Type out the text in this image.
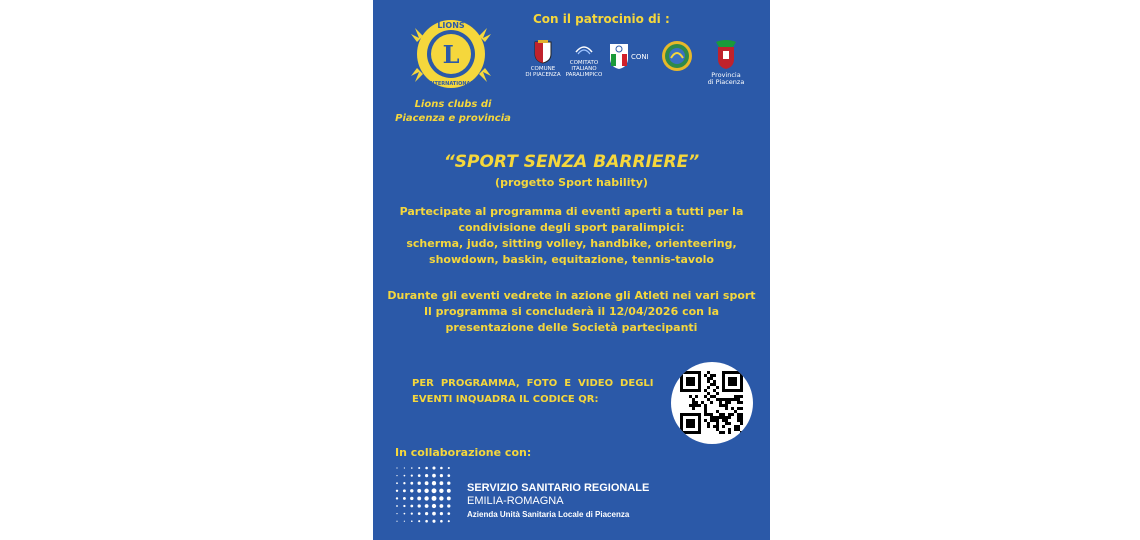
L
LIONS
INTERNATIONAL
Lions clubs di
Piacenza e provincia
Con il patrocinio di :
COMUNE
DI PIACENZA
COMITATO
ITALIANO
PARALIMPICO
CONI
Provincia
di Piacenza
“SPORT SENZA BARRIERE”
(progetto Sport hability)
Partecipate al programma di eventi aperti a tutti per la
condivisione degli sport paralimpici:
scherma, judo, sitting volley, handbike, orienteering,
showdown, baskin, equitazione, tennis-tavolo
Durante gli eventi vedrete in azione gli Atleti nei vari sport
Il programma si concluderà il 12/04/2026 con la
presentazione delle Società partecipanti
PER  PROGRAMMA,  FOTO  E  VIDEO  DEGLI
EVENTI INQUADRA IL CODICE QR:
In collaborazione con:
SERVIZIO SANITARIO REGIONALE
EMILIA-ROMAGNA
Azienda Unità Sanitaria Locale di Piacenza
